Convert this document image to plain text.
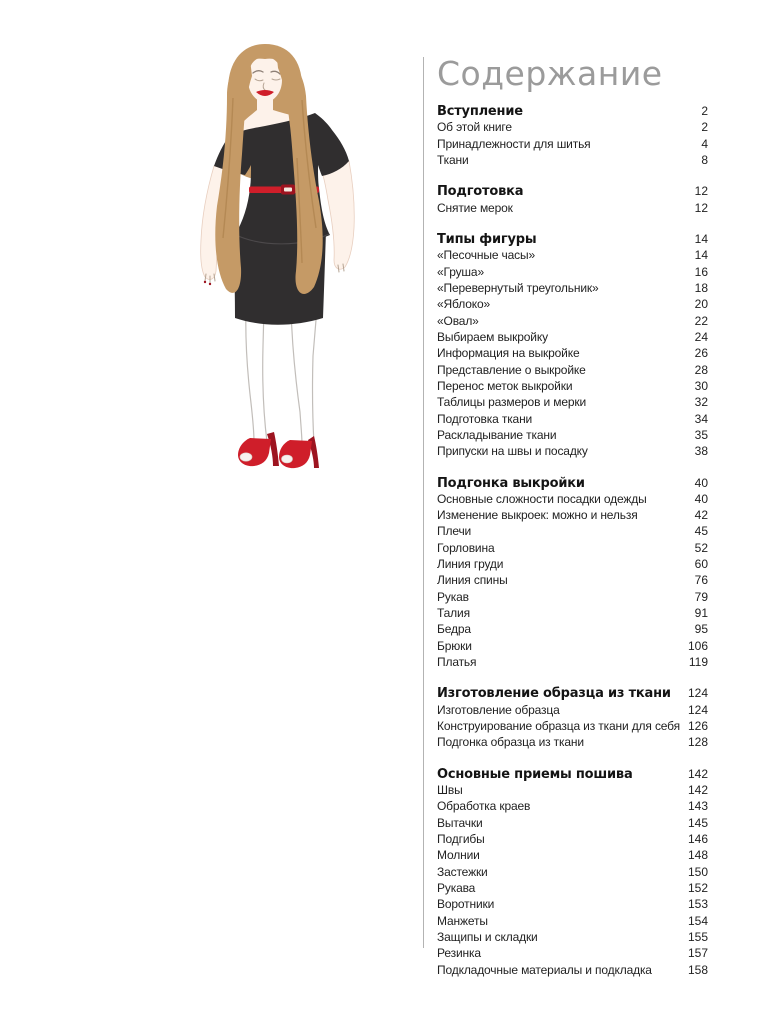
Содержание
Вступление	2
Об этой книге	2
Принадлежности для шитья	4
Ткани	8
Подготовка	12
Снятие мерок	12
Типы фигуры	14
«Песочные часы»	14
«Груша»	16
«Перевернутый треугольник»	18
«Яблоко»	20
«Овал»	22
Выбираем выкройку	24
Информация на выкройке	26
Представление о выкройке	28
Перенос меток выкройки	30
Таблицы размеров и мерки	32
Подготовка ткани	34
Раскладывание ткани	35
Припуски на швы и посадку	38
Подгонка выкройки	40
Основные сложности посадки одежды	40
Изменение выкроек: можно и нельзя	42
Плечи	45
Горловина	52
Линия груди	60
Линия спины	76
Рукав	79
Талия	91
Бедра	95
Брюки	106
Платья	119
Изготовление образца из ткани 124
Изготовление образца	124
Конструирование образца из ткани для себя 126
Подгонка образца из ткани	128
Основные приемы пошива	142
Швы	142
Обработка краев	143
Вытачки	145
Подгибы	146
Молнии	148
Застежки	150
Рукава	152
Воротники	153
Манжеты	154
Защипы и складки	155
Резинка	157
Подкладочные материалы и подкладка	158
